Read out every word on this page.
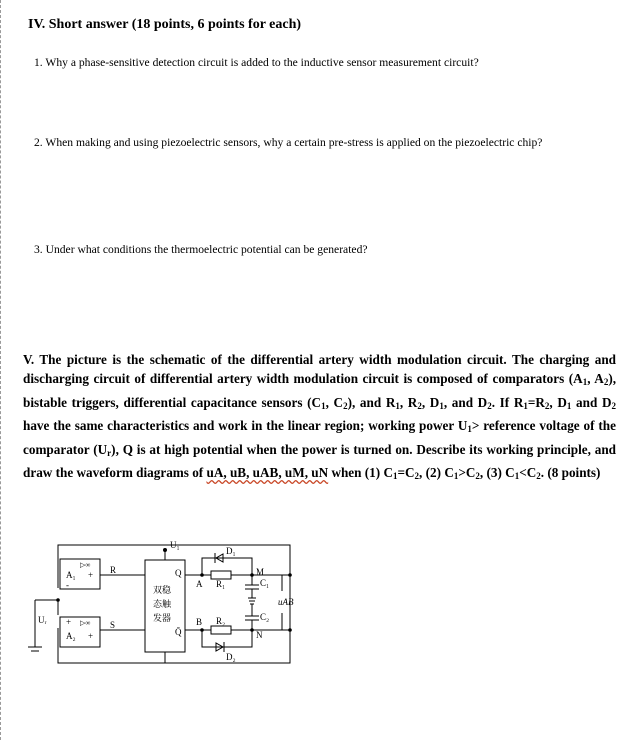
IV. Short answer (18 points, 6 points for each)
1. Why a phase-sensitive detection circuit is added to the inductive sensor measurement circuit?
2. When making and using piezoelectric sensors, why a certain pre-stress is applied on the piezoelectric chip?
3. Under what conditions the thermoelectric potential can be generated?
V. The picture is the schematic of the differential artery width modulation circuit. The charging and discharging circuit of differential artery width modulation circuit is composed of comparators ($A_1$, $A_2$), bistable triggers, differential capacitance sensors ($C_1$, $C_2$), and $R_1$, $R_2$, $D_1$, and $D_2$. If $R_1=R_2$, $D_1$ and $D_2$ have the same characteristics and work in the linear region; working power $U_1>$ reference voltage of the comparator $(U_r)$, Q is at high potential when the power is turned on. Describe its working principle, and draw the waveform diagrams of uA, uB, uAB, uM, uN when (1) $C_1=C_2$, (2) $C_1>C_2$, (3) $C_1<C_2$. (8 points)
A₁
▷∞
+
-
A₂
▷∞
+
+
Uᵣ
U₁
R
S
Q
Q̄
双稳
态触
发器
A
B
R₁
R₂
D₁
D₂
C₁
C₂
M
N
uAB
